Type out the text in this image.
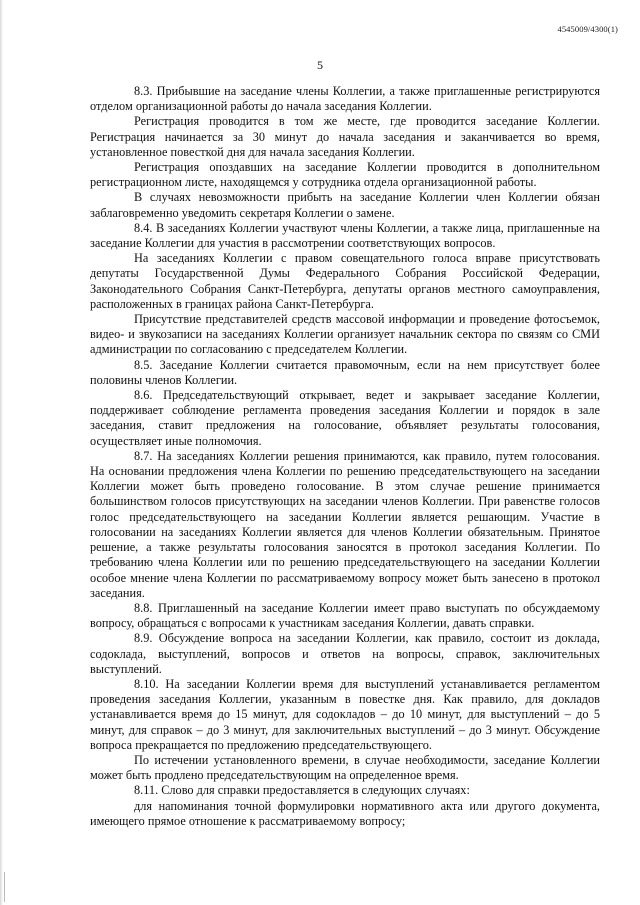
4545009/4300(1)
5

8.3. Прибывшие на заседание члены Коллегии, а также приглашенные регистрируются отделом организационной работы до начала заседания Коллегии.

Регистрация проводится в том же месте, где проводится заседание Коллегии. Регистрация начинается за 30 минут до начала заседания и заканчивается во время, установленное повесткой дня для начала заседания Коллегии.

Регистрация опоздавших на заседание Коллегии проводится в дополнительном регистрационном листе, находящемся у сотрудника отдела организационной работы.

В случаях невозможности прибыть на заседание Коллегии член Коллегии обязан заблаговременно уведомить секретаря Коллегии о замене.

8.4. В заседаниях Коллегии участвуют члены Коллегии, а также лица, приглашенные на заседание Коллегии для участия в рассмотрении соответствующих вопросов.

На заседаниях Коллегии с правом совещательного голоса вправе присутствовать депутаты Государственной Думы Федерального Собрания Российской Федерации, Законодательного Собрания Санкт-Петербурга, депутаты органов местного самоуправления, расположенных в границах района Санкт-Петербурга.

Присутствие представителей средств массовой информации и проведение фотосъемок, видео- и звукозаписи на заседаниях Коллегии организует начальник сектора по связям со СМИ администрации по согласованию с председателем Коллегии.

8.5. Заседание Коллегии считается правомочным, если на нем присутствует более половины членов Коллегии.

8.6. Председательствующий открывает, ведет и закрывает заседание Коллегии, поддерживает соблюдение регламента проведения заседания Коллегии и порядок в зале заседания, ставит предложения на голосование, объявляет результаты голосования, осуществляет иные полномочия.

8.7. На заседаниях Коллегии решения принимаются, как правило, путем голосования. На основании предложения члена Коллегии по решению председательствующего на заседании Коллегии может быть проведено голосование. В этом случае решение принимается большинством голосов присутствующих на заседании членов Коллегии. При равенстве голосов голос председательствующего на заседании Коллегии является решающим. Участие в голосовании на заседаниях Коллегии является для членов Коллегии обязательным. Принятое решение, а также результаты голосования заносятся в протокол заседания Коллегии. По требованию члена Коллегии или по решению председательствующего на заседании Коллегии особое мнение члена Коллегии по рассматриваемому вопросу может быть занесено в протокол заседания.

8.8. Приглашенный на заседание Коллегии имеет право выступать по обсуждаемому вопросу, обращаться с вопросами к участникам заседания Коллегии, давать справки.

8.9. Обсуждение вопроса на заседании Коллегии, как правило, состоит из доклада, содоклада, выступлений, вопросов и ответов на вопросы, справок, заключительных выступлений.

8.10. На заседании Коллегии время для выступлений устанавливается регламентом проведения заседания Коллегии, указанным в повестке дня. Как правило, для докладов устанавливается время до 15 минут, для содокладов – до 10 минут, для выступлений – до 5 минут, для справок – до 3 минут, для заключительных выступлений – до 3 минут. Обсуждение вопроса прекращается по предложению председательствующего.

По истечении установленного времени, в случае необходимости, заседание Коллегии может быть продлено председательствующим на определенное время.

8.11. Слово для справки предоставляется в следующих случаях:

для напоминания точной формулировки нормативного акта или другого документа, имеющего прямое отношение к рассматриваемому вопросу;
